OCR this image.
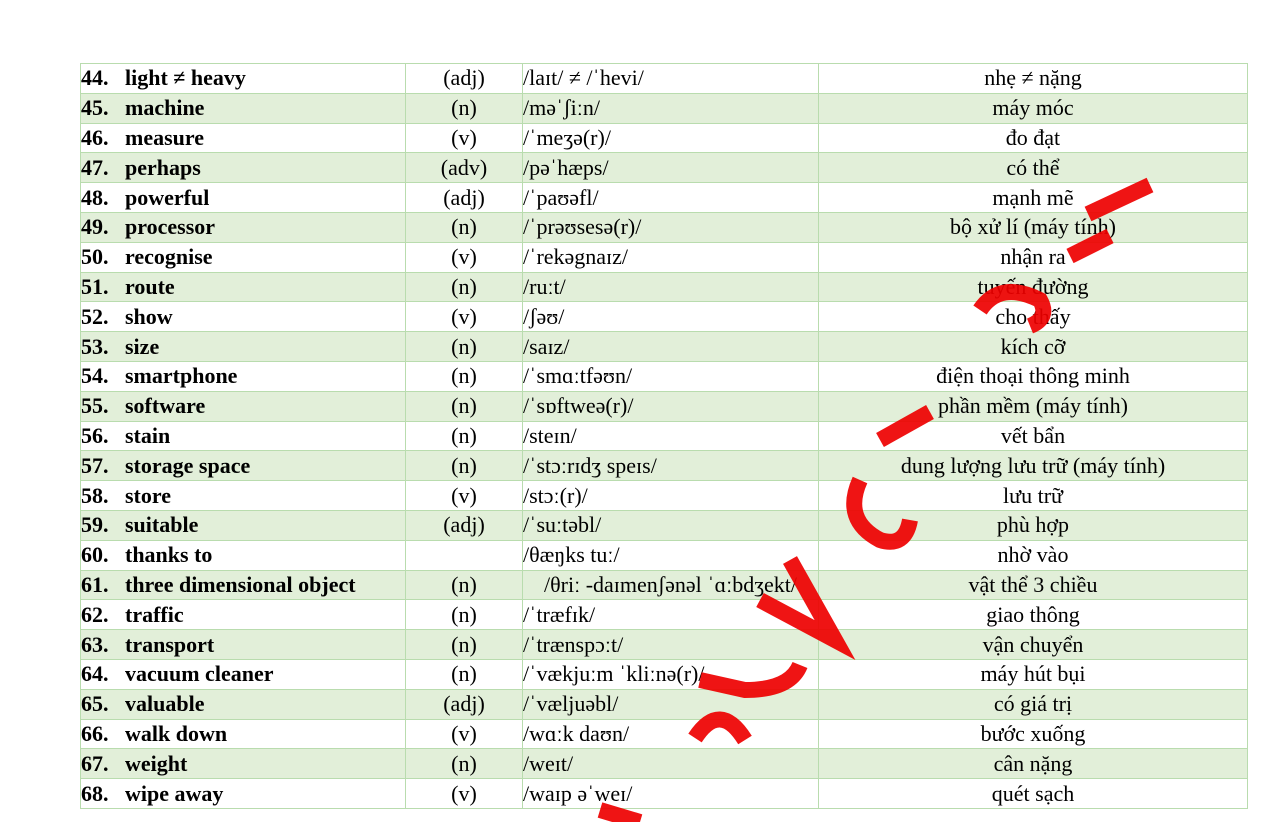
44. light ≠ heavy	(adj)	/laɪt/ ≠ /ˈhevi/	nhẹ ≠ nặng
45. machine	(n)	/məˈʃiːn/	máy móc
46. measure	(v)	/ˈmeʒə(r)/	đo đạt
47. perhaps	(adv)	/pəˈhæps/	có thể
48. powerful	(adj)	/ˈpaʊəfl/	mạnh mẽ
49. processor	(n)	/ˈprəʊsesə(r)/	bộ xử lí (máy tính)
50. recognise	(v)	/ˈrekəgnaɪz/	nhận ra
51. route	(n)	/ruːt/	tuyến đường
52. show	(v)	/ʃəʊ/	cho thấy
53. size	(n)	/saɪz/	kích cỡ
54. smartphone	(n)	/ˈsmɑːtfəʊn/	điện thoại thông minh
55. software	(n)	/ˈsɒftweə(r)/	phần mềm (máy tính)
56. stain	(n)	/steɪn/	vết bẩn
57. storage space	(n)	/ˈstɔːrɪdʒ speɪs/	dung lượng lưu trữ (máy tính)
58. store	(v)	/stɔː(r)/	lưu trữ
59. suitable	(adj)	/ˈsuːtəbl/	phù hợp
60. thanks to		/θæŋks tuː/	nhờ vào
61. three dimensional object	(n)	/θriː -daɪmenʃənəl ˈɑːbdʒekt/	vật thể 3 chiều
62. traffic	(n)	/ˈtræfɪk/	giao thông
63. transport	(n)	/ˈtrænspɔːt/	vận chuyển
64. vacuum cleaner	(n)	/ˈvækjuːm ˈkliːnə(r)/	máy hút bụi
65. valuable	(adj)	/ˈvæljuəbl/	có giá trị
66. walk down	(v)	/wɑːk daʊn/	bước xuống
67. weight	(n)	/weɪt/	cân nặng
68. wipe away	(v)	/waɪp əˈweɪ/	quét sạch
